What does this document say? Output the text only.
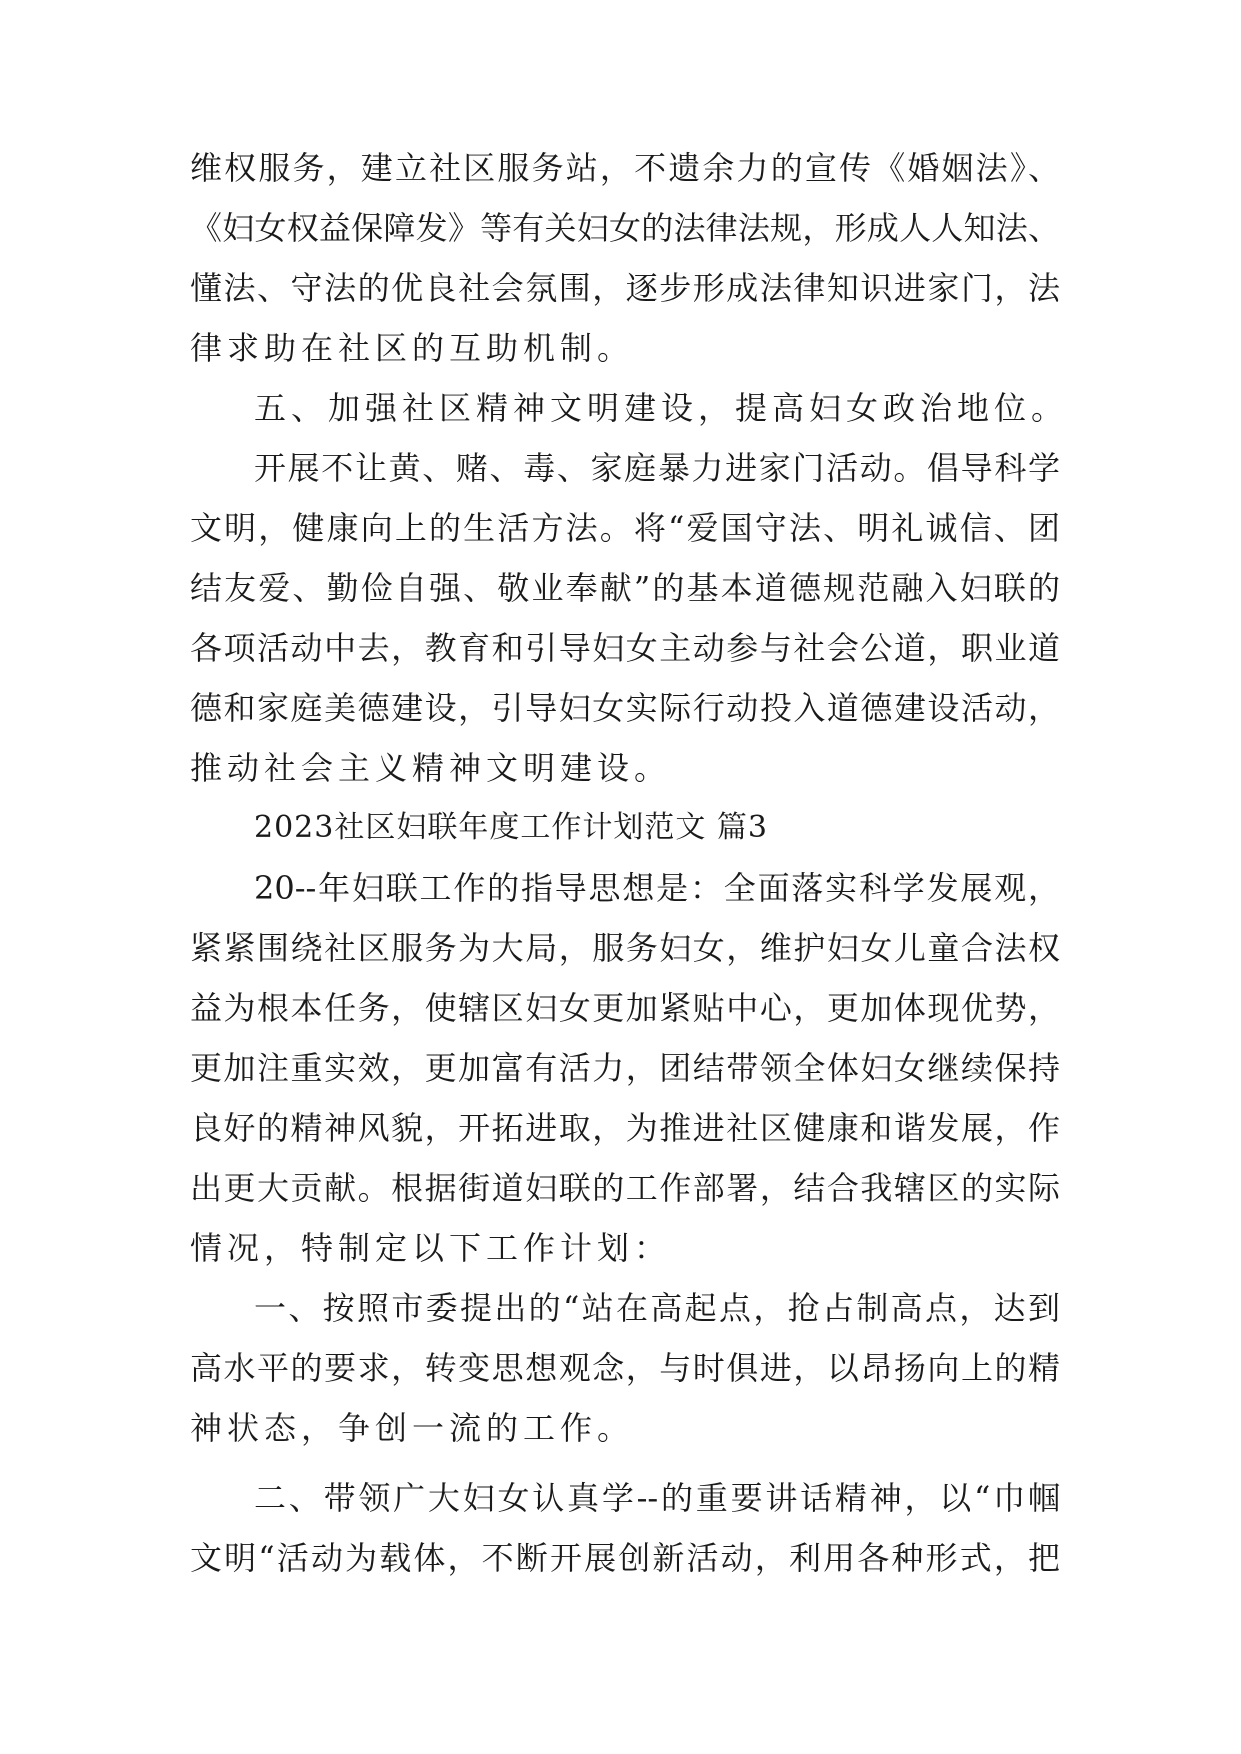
维权服务，建立社区服务站，不遗余力的宣传《婚姻法》、
《妇女权益保障发》等有关妇女的法律法规，形成人人知法、
懂法、守法的优良社会氛围，逐步形成法律知识进家门，法
律求助在社区的互助机制。
五、加强社区精神文明建设，提高妇女政治地位。
开展不让黄、赌、毒、家庭暴力进家门活动。倡导科学
文明，健康向上的生活方法。将“爱国守法、明礼诚信、团
结友爱、勤俭自强、敬业奉献”的基本道德规范融入妇联的
各项活动中去，教育和引导妇女主动参与社会公道，职业道
德和家庭美德建设，引导妇女实际行动投入道德建设活动，
推动社会主义精神文明建设。
2023社区妇联年度工作计划范文 篇3
20--年妇联工作的指导思想是：全面落实科学发展观，
紧紧围绕社区服务为大局，服务妇女，维护妇女儿童合法权
益为根本任务，使辖区妇女更加紧贴中心，更加体现优势，
更加注重实效，更加富有活力，团结带领全体妇女继续保持
良好的精神风貌，开拓进取，为推进社区健康和谐发展，作
出更大贡献。根据街道妇联的工作部署，结合我辖区的实际
情况，特制定以下工作计划：
一、按照市委提出的“站在高起点，抢占制高点，达到
高水平的要求，转变思想观念，与时俱进，以昂扬向上的精
神状态，争创一流的工作。
二、带领广大妇女认真学--的重要讲话精神，以“巾帼
文明“活动为载体，不断开展创新活动，利用各种形式，把
